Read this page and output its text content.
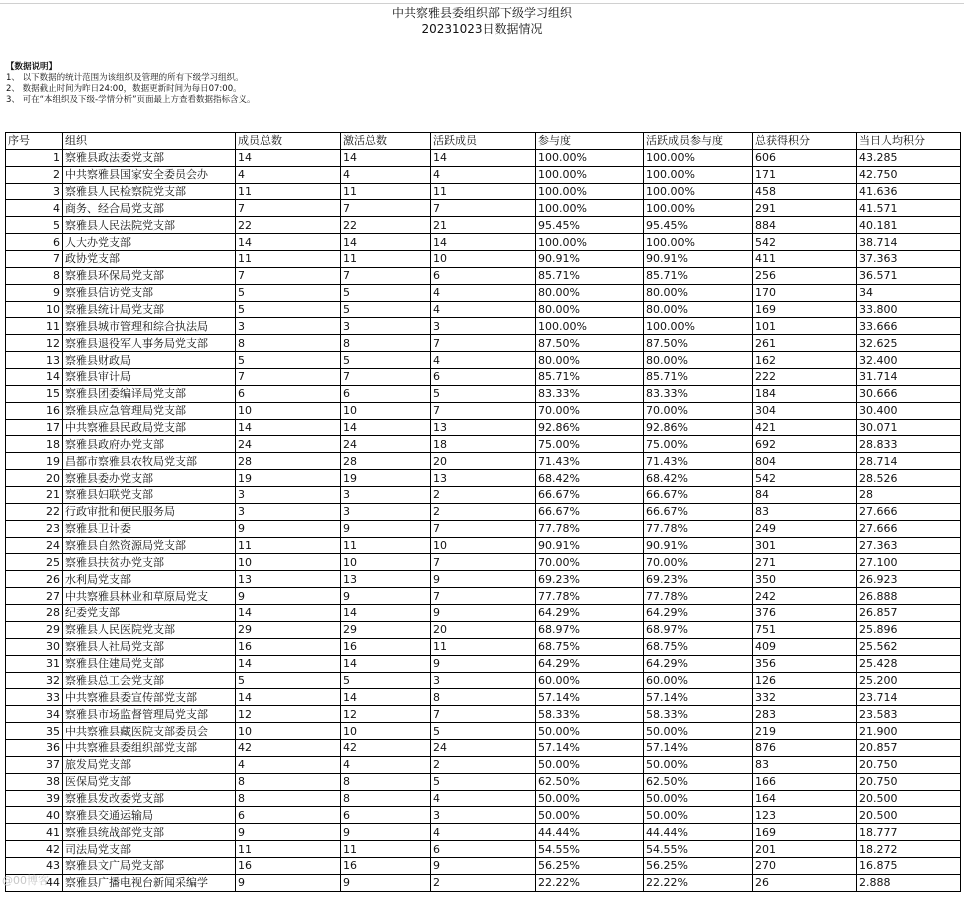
中共察雅县委组织部下级学习组织
20231023日数据情况
【数据说明】
1、 以下数据的统计范围为该组织及管理的所有下级学习组织。
2、 数据截止时间为昨日24:00，数据更新时间为每日07:00。
3、 可在“本组织及下级-学情分析”页面最上方查看数据指标含义。
序号	组织	成员总数	激活总数	活跃成员	参与度	活跃成员参与度	总获得积分	当日人均积分
1	察雅县政法委党支部	14	14	14	100.00%	100.00%	606	43.285
2	中共察雅县国家安全委员会办	4	4	4	100.00%	100.00%	171	42.750
3	察雅县人民检察院党支部	11	11	11	100.00%	100.00%	458	41.636
4	商务、经合局党支部	7	7	7	100.00%	100.00%	291	41.571
5	察雅县人民法院党支部	22	22	21	95.45%	95.45%	884	40.181
6	人大办党支部	14	14	14	100.00%	100.00%	542	38.714
7	政协党支部	11	11	10	90.91%	90.91%	411	37.363
8	察雅县环保局党支部	7	7	6	85.71%	85.71%	256	36.571
9	察雅县信访党支部	5	5	4	80.00%	80.00%	170	34
10	察雅县统计局党支部	5	5	4	80.00%	80.00%	169	33.800
11	察雅县城市管理和综合执法局	3	3	3	100.00%	100.00%	101	33.666
12	察雅县退役军人事务局党支部	8	8	7	87.50%	87.50%	261	32.625
13	察雅县财政局	5	5	4	80.00%	80.00%	162	32.400
14	察雅县审计局	7	7	6	85.71%	85.71%	222	31.714
15	察雅县团委编译局党支部	6	6	5	83.33%	83.33%	184	30.666
16	察雅县应急管理局党支部	10	10	7	70.00%	70.00%	304	30.400
17	中共察雅县民政局党支部	14	14	13	92.86%	92.86%	421	30.071
18	察雅县政府办党支部	24	24	18	75.00%	75.00%	692	28.833
19	昌都市察雅县农牧局党支部	28	28	20	71.43%	71.43%	804	28.714
20	察雅县委办党支部	19	19	13	68.42%	68.42%	542	28.526
21	察雅县妇联党支部	3	3	2	66.67%	66.67%	84	28
22	行政审批和便民服务局	3	3	2	66.67%	66.67%	83	27.666
23	察雅县卫计委	9	9	7	77.78%	77.78%	249	27.666
24	察雅县自然资源局党支部	11	11	10	90.91%	90.91%	301	27.363
25	察雅县扶贫办党支部	10	10	7	70.00%	70.00%	271	27.100
26	水利局党支部	13	13	9	69.23%	69.23%	350	26.923
27	中共察雅县林业和草原局党支	9	9	7	77.78%	77.78%	242	26.888
28	纪委党支部	14	14	9	64.29%	64.29%	376	26.857
29	察雅县人民医院党支部	29	29	20	68.97%	68.97%	751	25.896
30	察雅县人社局党支部	16	16	11	68.75%	68.75%	409	25.562
31	察雅县住建局党支部	14	14	9	64.29%	64.29%	356	25.428
32	察雅县总工会党支部	5	5	3	60.00%	60.00%	126	25.200
33	中共察雅县委宣传部党支部	14	14	8	57.14%	57.14%	332	23.714
34	察雅县市场监督管理局党支部	12	12	7	58.33%	58.33%	283	23.583
35	中共察雅县藏医院支部委员会	10	10	5	50.00%	50.00%	219	21.900
36	中共察雅县委组织部党支部	42	42	24	57.14%	57.14%	876	20.857
37	旅发局党支部	4	4	2	50.00%	50.00%	83	20.750
38	医保局党支部	8	8	5	62.50%	62.50%	166	20.750
39	察雅县发改委党支部	8	8	4	50.00%	50.00%	164	20.500
40	察雅县交通运输局	6	6	3	50.00%	50.00%	123	20.500
41	察雅县统战部党支部	9	9	4	44.44%	44.44%	169	18.777
42	司法局党支部	11	11	6	54.55%	54.55%	201	18.272
43	察雅县文广局党支部	16	16	9	56.25%	56.25%	270	16.875
44	察雅县广播电视台新闻采编学	9	9	2	22.22%	22.22%	26	2.888
@00博客
